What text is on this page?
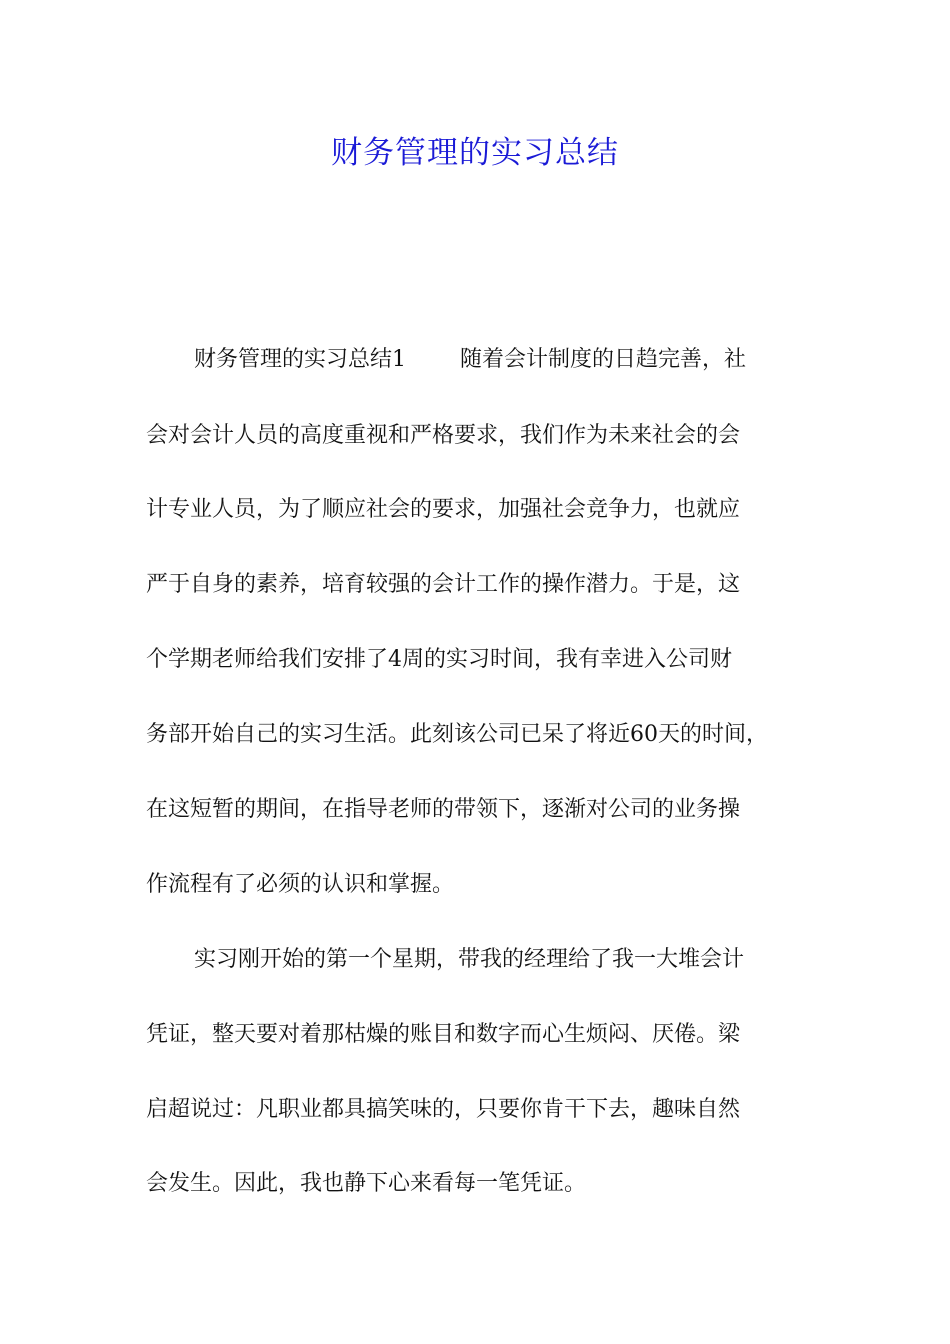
财务管理的实习总结
财务管理的实习总结1 随着会计制度的日趋完善，社
会对会计人员的高度重视和严格要求，我们作为未来社会的会
计专业人员，为了顺应社会的要求，加强社会竞争力，也就应
严于自身的素养，培育较强的会计工作的操作潜力。于是，这
个学期老师给我们安排了4周的实习时间，我有幸进入公司财
务部开始自己的实习生活。此刻该公司已呆了将近60天的时间，
在这短暂的期间，在指导老师的带领下，逐渐对公司的业务操
作流程有了必须的认识和掌握。
实习刚开始的第一个星期，带我的经理给了我一大堆会计
凭证，整天要对着那枯燥的账目和数字而心生烦闷、厌倦。梁
启超说过：凡职业都具搞笑味的，只要你肯干下去，趣味自然
会发生。因此，我也静下心来看每一笔凭证。
